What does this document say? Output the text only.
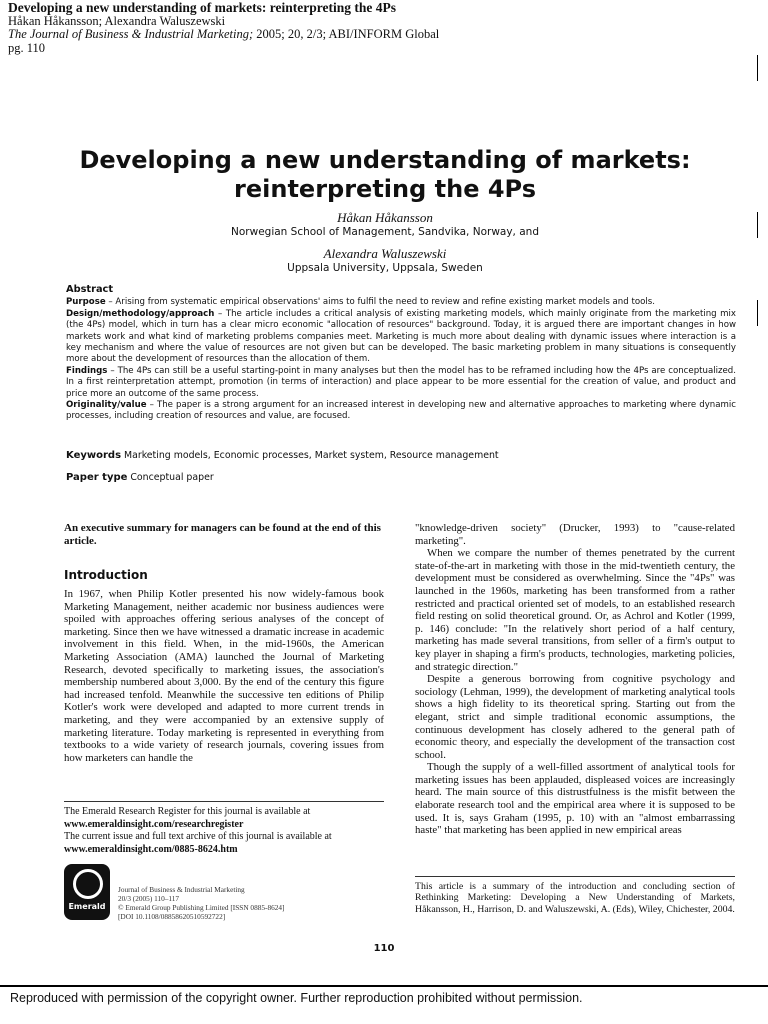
Developing a new understanding of markets: reinterpreting the 4Ps
Håkan Håkansson; Alexandra Waluszewski
The Journal of Business & Industrial Marketing; 2005; 20, 2/3; ABI/INFORM Global
pg. 110
Developing a new understanding of markets:
reinterpreting the 4Ps
Håkan Håkansson
Norwegian School of Management, Sandvika, Norway, and
Alexandra Waluszewski
Uppsala University, Uppsala, Sweden
Abstract

Purpose – Arising from systematic empirical observations' aims to fulfil the need to review and refine existing market models and tools.

Design/methodology/approach – The article includes a critical analysis of existing marketing models, which mainly originate from the marketing mix (the 4Ps) model, which in turn has a clear micro economic "allocation of resources" background. Today, it is argued there are important changes in how markets work and what kind of marketing problems companies meet. Marketing is much more about dealing with dynamic issues where interaction is a key mechanism and where the value of resources are not given but can be developed. The basic marketing problem in many situations is consequently more about the development of resources than the allocation of them.

Findings – The 4Ps can still be a useful starting-point in many analyses but then the model has to be reframed including how the 4Ps are conceptualized. In a first reinterpretation attempt, promotion (in terms of interaction) and place appear to be more essential for the creation of value, and product and price more an outcome of the same process.

Originality/value – The paper is a strong argument for an increased interest in developing new and alternative approaches to marketing where dynamic processes, including creation of resources and value, are focused.

Keywords Marketing models, Economic processes, Market system, Resource management
Paper type Conceptual paper
An executive summary for managers can be found at the end of this article.
Introduction

In 1967, when Philip Kotler presented his now widely-famous book Marketing Management, neither academic nor business audiences were spoiled with approaches offering serious analyses of the concept of marketing. Since then we have witnessed a dramatic increase in academic involvement in this field. When, in the mid-1960s, the American Marketing Association (AMA) launched the Journal of Marketing Research, devoted specifically to marketing issues, the association's membership numbered about 3,000. By the end of the century this figure had increased tenfold. Meanwhile the successive ten editions of Philip Kotler's work were developed and adapted to more current trends in marketing, and they were accompanied by an extensive supply of marketing literature. Today marketing is represented in everything from textbooks to a wide variety of research journals, covering issues from how marketers can handle the

The Emerald Research Register for this journal is available at
www.emeraldinsight.com/researchregister
The current issue and full text archive of this journal is available at
www.emeraldinsight.com/0885-8624.htm
Emerald
Journal of Business & Industrial Marketing
20/3 (2005) 110–117
© Emerald Group Publishing Limited [ISSN 0885-8624]
[DOI 10.1108/08858620510592722]

"knowledge-driven society" (Drucker, 1993) to "cause-related marketing".

When we compare the number of themes penetrated by the current state-of-the-art in marketing with those in the mid-twentieth century, the development must be considered as overwhelming. Since the "4Ps" was launched in the 1960s, marketing has been transformed from a rather restricted and practical oriented set of models, to an established research field resting on solid theoretical ground. Or, as Achrol and Kotler (1999, p. 146) conclude: "In the relatively short period of a half century, marketing has made several transitions, from seller of a firm's output to key player in shaping a firm's products, technologies, marketing policies, and strategic direction."

Despite a generous borrowing from cognitive psychology and sociology (Lehman, 1999), the development of marketing analytical tools shows a high fidelity to its theoretical spring. Starting out from the elegant, strict and simple traditional economic assumptions, the continuous development has closely adhered to the general path of economic theory, and especially the development of the transaction cost school.

Though the supply of a well-filled assortment of analytical tools for marketing issues has been applauded, displeased voices are increasingly heard. The main source of this distrustfulness is the misfit between the elaborate research tool and the empirical area where it is supposed to be used. It is, says Graham (1995, p. 10) with an "almost embarrassing haste" that marketing has been applied in new empirical areas

This article is a summary of the introduction and concluding section of Rethinking Marketing: Developing a New Understanding of Markets, Håkansson, H., Harrison, D. and Waluszewski, A. (Eds), Wiley, Chichester, 2004.
110
Reproduced with permission of the copyright owner. Further reproduction prohibited without permission.
